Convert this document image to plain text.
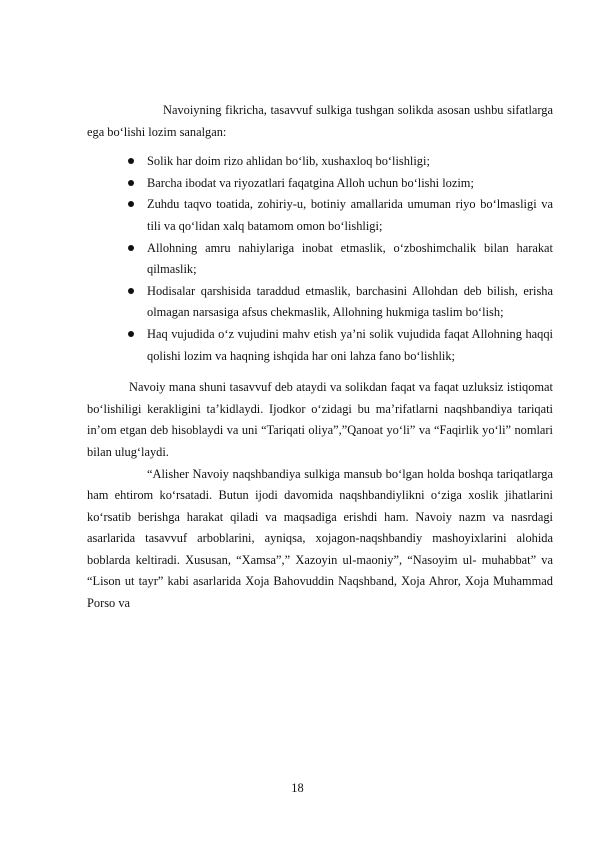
Navoiyning fikricha, tasavvuf sulkiga tushgan solikda asosan ushbu sifatlarga ega bo‘lishi lozim sanalgan:

Solik har doim rizo ahlidan bo‘lib, xushaxloq bo‘lishligi;
Barcha ibodat va riyozatlari faqatgina Alloh uchun bo‘lishi lozim;
Zuhdu taqvo toatida, zohiriy-u, botiniy amallarida umuman riyo bo‘lmasligi va tili va qo‘lidan xalq batamom omon bo‘lishligi;
Allohning amru nahiylariga inobat etmaslik, o‘zboshimchalik bilan harakat qilmaslik;
Hodisalar qarshisida taraddud etmaslik, barchasini Allohdan deb bilish, erisha olmagan narsasiga afsus chekmaslik, Allohning hukmiga taslim bo‘lish;
Haq vujudida o‘z vujudini mahv etish ya’ni solik vujudida faqat Allohning haqqi qolishi lozim va haqning ishqida har oni lahza fano bo‘lishlik;

Navoiy mana shuni tasavvuf deb ataydi va solikdan faqat va faqat uzluksiz istiqomat bo‘lishiligi kerakligini ta’kidlaydi. Ijodkor o‘zidagi bu ma’rifatlarni naqshbandiya tariqati in’om etgan deb hisoblaydi va uni “Tariqati oliya”,”Qanoat yo‘li” va “Faqirlik yo‘li” nomlari bilan ulug‘laydi.

“Alisher Navoiy naqshbandiya sulkiga mansub bo‘lgan holda boshqa tariqatlarga ham ehtirom ko‘rsatadi. Butun ijodi davomida naqshbandiylikni o‘ziga xoslik jihatlarini ko‘rsatib berishga harakat qiladi va maqsadiga erishdi ham. Navoiy nazm va nasrdagi asarlarida tasavvuf arboblarini, ayniqsa, xojagon-naqshbandiy mashoyixlarini alohida boblarda keltiradi. Xususan, “Xamsa”,” Xazoyin ul-maoniy”, “Nasoyim ul- muhabbat” va “Lison ut tayr” kabi asarlarida Xoja Bahovuddin Naqshband, Xoja Ahror, Xoja Muhammad Porso va

18
